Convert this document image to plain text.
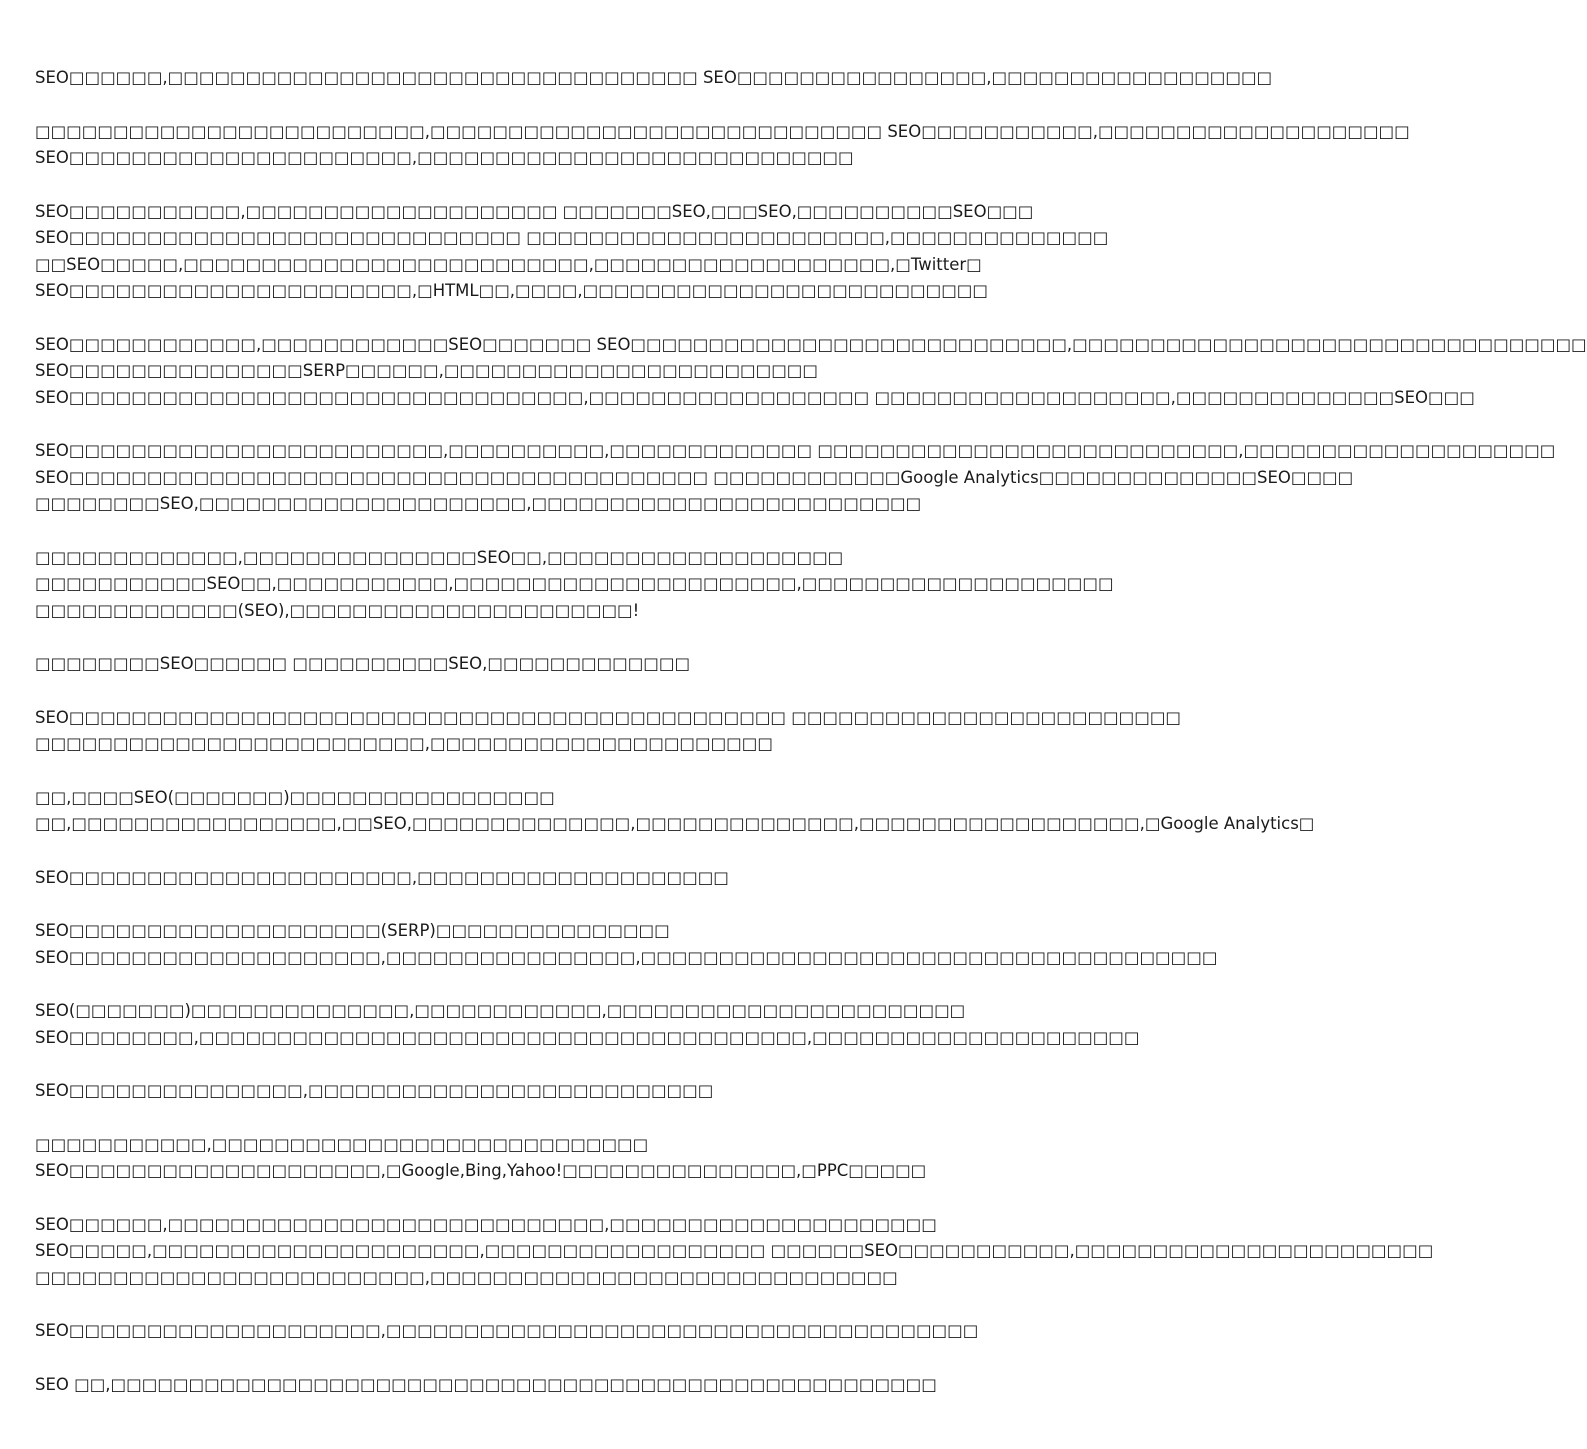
SEO□□□□□□,□□□□□□□□□□□□□□□□□□□□□□□□□□□□□□□□□□ SEO□□□□□□□□□□□□□□□□,□□□□□□□□□□□□□□□□□□
□□□□□□□□□□□□□□□□□□□□□□□□□,□□□□□□□□□□□□□□□□□□□□□□□□□□□□□ SEO□□□□□□□□□□□,□□□□□□□□□□□□□□□□□□□□
SEO□□□□□□□□□□□□□□□□□□□□□□,□□□□□□□□□□□□□□□□□□□□□□□□□□□□
SEO□□□□□□□□□□□,□□□□□□□□□□□□□□□□□□□□ □□□□□□□SEO,□□□SEO,□□□□□□□□□□SEO□□□
SEO□□□□□□□□□□□□□□□□□□□□□□□□□□□□□ □□□□□□□□□□□□□□□□□□□□□□□,□□□□□□□□□□□□□□
□□SEO□□□□□,□□□□□□□□□□□□□□□□□□□□□□□□□□,□□□□□□□□□□□□□□□□□□□,□Twitter□
SEO□□□□□□□□□□□□□□□□□□□□□□,□HTML□□,□□□□,□□□□□□□□□□□□□□□□□□□□□□□□□□
SEO□□□□□□□□□□□□,□□□□□□□□□□□□SEO□□□□□□□ SEO□□□□□□□□□□□□□□□□□□□□□□□□□□□□,□□□□□□□□□□□□□□□□□□□□□□□□□□□□□□□□□
SEO□□□□□□□□□□□□□□□SERP□□□□□□,□□□□□□□□□□□□□□□□□□□□□□□□
SEO□□□□□□□□□□□□□□□□□□□□□□□□□□□□□□□□□,□□□□□□□□□□□□□□□□□□ □□□□□□□□□□□□□□□□□□□,□□□□□□□□□□□□□□SEO□□□
SEO□□□□□□□□□□□□□□□□□□□□□□□□,□□□□□□□□□□,□□□□□□□□□□□□□ □□□□□□□□□□□□□□□□□□□□□□□□□□□,□□□□□□□□□□□□□□□□□□□□
SEO□□□□□□□□□□□□□□□□□□□□□□□□□□□□□□□□□□□□□□□□□ □□□□□□□□□□□□Google Analytics□□□□□□□□□□□□□□SEO□□□□
□□□□□□□□SEO,□□□□□□□□□□□□□□□□□□□□□,□□□□□□□□□□□□□□□□□□□□□□□□□
□□□□□□□□□□□□□,□□□□□□□□□□□□□□□SEO□□,□□□□□□□□□□□□□□□□□□□
□□□□□□□□□□□SEO□□,□□□□□□□□□□□,□□□□□□□□□□□□□□□□□□□□□□,□□□□□□□□□□□□□□□□□□□□
□□□□□□□□□□□□□(SEO),□□□□□□□□□□□□□□□□□□□□□□!
□□□□□□□□SEO□□□□□□ □□□□□□□□□□SEO,□□□□□□□□□□□□□
SEO□□□□□□□□□□□□□□□□□□□□□□□□□□□□□□□□□□□□□□□□□□□□□□ □□□□□□□□□□□□□□□□□□□□□□□□□
□□□□□□□□□□□□□□□□□□□□□□□□□,□□□□□□□□□□□□□□□□□□□□□□
□□,□□□□SEO(□□□□□□□)□□□□□□□□□□□□□□□□□
□□,□□□□□□□□□□□□□□□□□,□□SEO,□□□□□□□□□□□□□□,□□□□□□□□□□□□□□,□□□□□□□□□□□□□□□□□□,□Google Analytics□
SEO□□□□□□□□□□□□□□□□□□□□□□,□□□□□□□□□□□□□□□□□□□□
SEO□□□□□□□□□□□□□□□□□□□□(SERP)□□□□□□□□□□□□□□□
SEO□□□□□□□□□□□□□□□□□□□□,□□□□□□□□□□□□□□□□,□□□□□□□□□□□□□□□□□□□□□□□□□□□□□□□□□□□□□
SEO(□□□□□□□)□□□□□□□□□□□□□□,□□□□□□□□□□□□,□□□□□□□□□□□□□□□□□□□□□□□
SEO□□□□□□□□,□□□□□□□□□□□□□□□□□□□□□□□□□□□□□□□□□□□□□□□,□□□□□□□□□□□□□□□□□□□□□
SEO□□□□□□□□□□□□□□□,□□□□□□□□□□□□□□□□□□□□□□□□□□
□□□□□□□□□□□,□□□□□□□□□□□□□□□□□□□□□□□□□□□□
SEO□□□□□□□□□□□□□□□□□□□□,□Google,Bing,Yahoo!□□□□□□□□□□□□□□□,□PPC□□□□□
SEO□□□□□□,□□□□□□□□□□□□□□□□□□□□□□□□□□□□,□□□□□□□□□□□□□□□□□□□□□
SEO□□□□□,□□□□□□□□□□□□□□□□□□□□□,□□□□□□□□□□□□□□□□□□ □□□□□□SEO□□□□□□□□□□□,□□□□□□□□□□□□□□□□□□□□□□□
□□□□□□□□□□□□□□□□□□□□□□□□□,□□□□□□□□□□□□□□□□□□□□□□□□□□□□□□
SEO□□□□□□□□□□□□□□□□□□□□,□□□□□□□□□□□□□□□□□□□□□□□□□□□□□□□□□□□□□□
SEO □□,□□□□□□□□□□□□□□□□□□□□□□□□□□□□□□□□□□□□□□□□□□□□□□□□□□□□□
